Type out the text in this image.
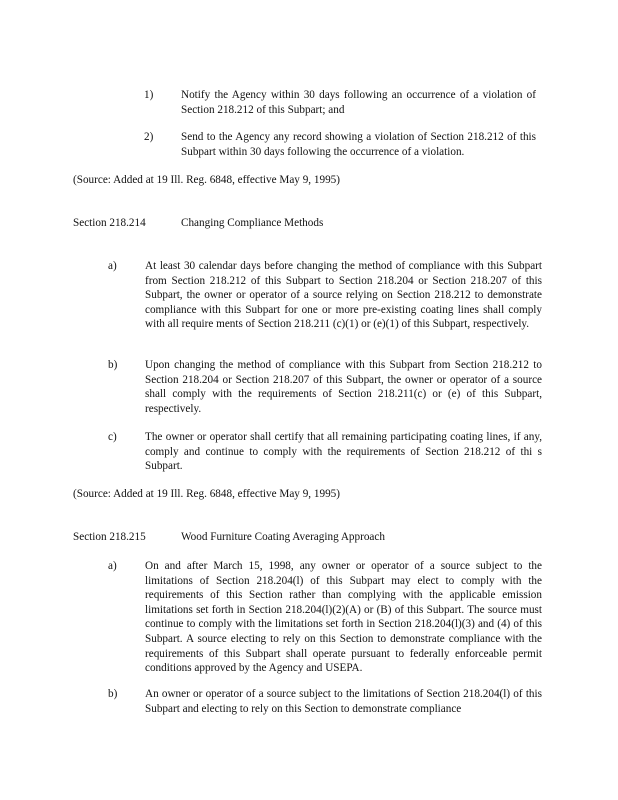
1) Notify the Agency within 30 days following an occurrence of a violation of Section 218.212 of this Subpart; and
2) Send to the Agency any record showing a violation of Section 218.212 of this Subpart within 30 days following the occurrence of a violation.
(Source: Added at 19 Ill. Reg. 6848, effective May 9, 1995)
Section 218.214	Changing Compliance Methods
a)	At least 30 calendar days before changing the method of compliance with this Subpart from Section 218.212 of this Subpart to Section 218.204 or Section 218.207 of this Subpart, the owner or operator of a source relying on Section 218.212 to demonstrate compliance with this Subpart for one or more pre-existing coating lines shall comply with all require ments of Section 218.211 (c)(1) or (e)(1) of this Subpart, respectively.
b) Upon changing the method of compliance with this Subpart from Section 218.212 to Section 218.204 or Section 218.207 of this Subpart, the owner or operator of a source shall comply with the requirements of Section 218.211(c) or (e) of this Subpart, respectively.
c)	The owner or operator shall certify that all remaining participating coating lines, if any, comply and continue to comply with the requirements of Section 218.212 of thi s Subpart.
(Source: Added at 19 Ill. Reg. 6848, effective May 9, 1995)
Section 218.215	Wood Furniture Coating Averaging Approach
a)	On and after March 15, 1998, any owner or operator of a source subject to the limitations of Section 218.204(l) of this Subpart may elect to comply with the requirements of this Section rather than complying with the applicable emission limitations set forth in Section 218.204(l)(2)(A) or (B) of this Subpart. The source must continue to comply with the limitations set forth in Section 218.204(l)(3) and (4) of this Subpart. A source electing to rely on this Section to demonstrate compliance with the requirements of this Subpart shall operate pursuant to federally enforceable permit conditions approved by the Agency and USEPA.
b) An owner or operator of a source subject to the limitations of Section 218.204(l) of this Subpart and electing to rely on this Section to demonstrate compliance
